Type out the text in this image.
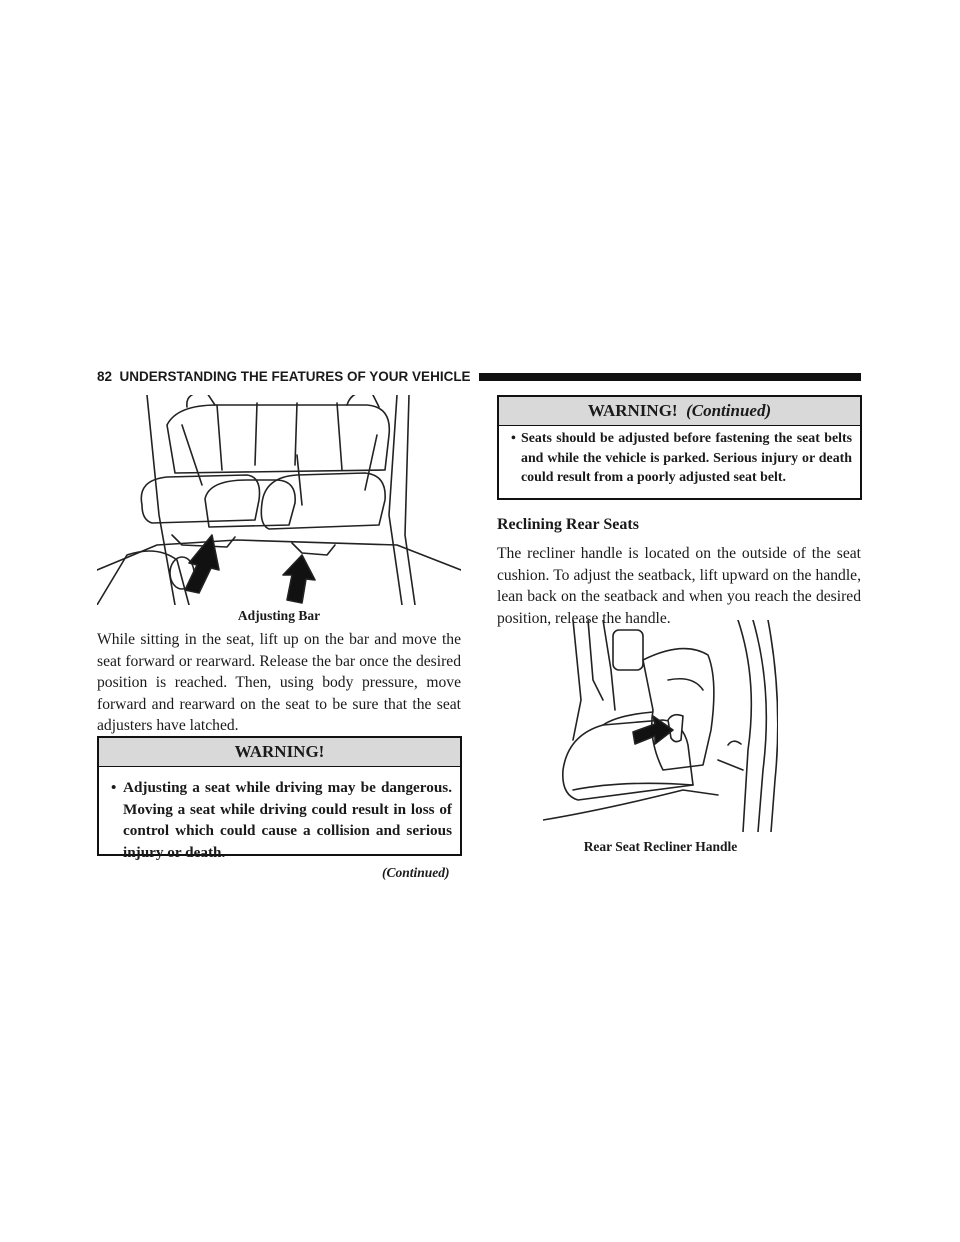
82 UNDERSTANDING THE FEATURES OF YOUR VEHICLE
Adjusting Bar
While sitting in the seat, lift up on the bar and move the seat forward or rearward. Release the bar once the desired position is reached. Then, using body pressure, move forward and rearward on the seat to be sure that the seat adjusters have latched.
WARNING!
• Adjusting a seat while driving may be dangerous. Moving a seat while driving could result in loss of control which could cause a collision and serious injury or death.
(Continued)
WARNING! (Continued)
• Seats should be adjusted before fastening the seat belts and while the vehicle is parked. Serious injury or death could result from a poorly adjusted seat belt.
Reclining Rear Seats
The recliner handle is located on the outside of the seat cushion. To adjust the seatback, lift upward on the handle, lean back on the seatback and when you reach the desired position, release the handle.
Rear Seat Recliner Handle
